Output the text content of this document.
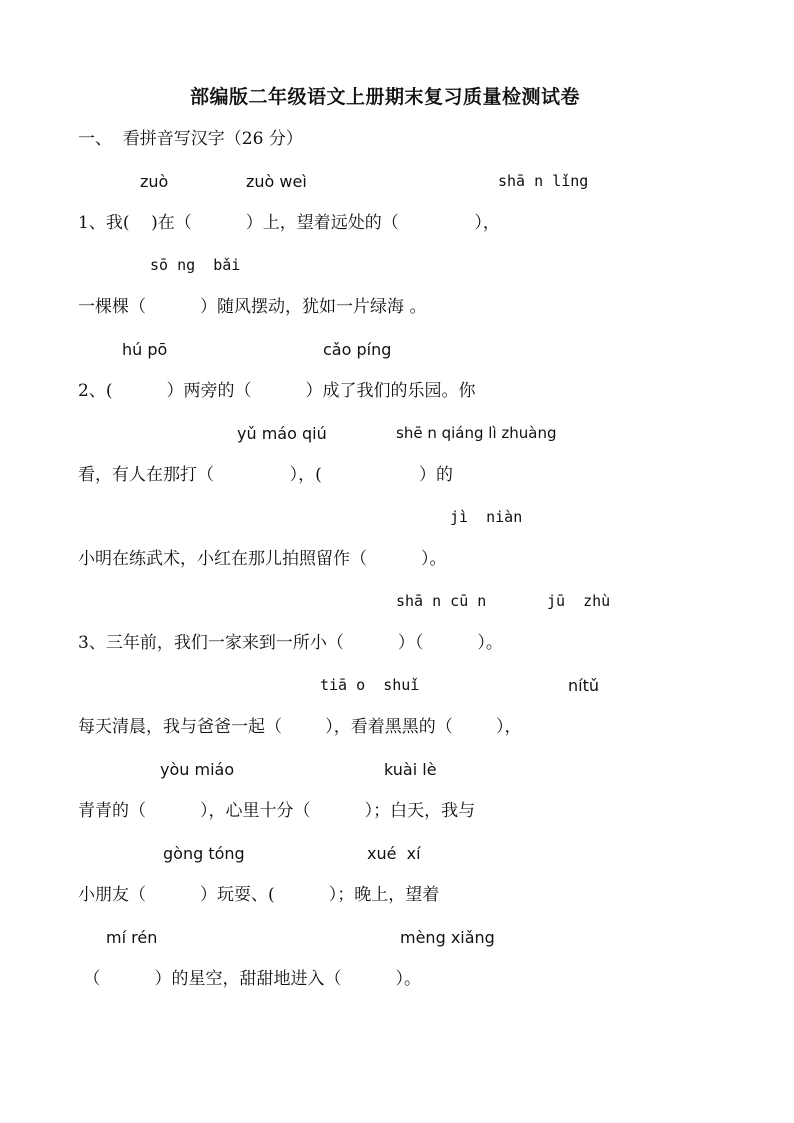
部编版二年级语文上册期末复习质量检测试卷
一、  看拼音写汉字（26 分）
zuò	zuò weì	shā n lǐng
1、我(    )在（          ）上，望着远处的（              ），
sō ng  bǎi
一棵棵（          ）随风摆动，犹如一片绿海 。
hú pō	cǎo píng
2、(          ）两旁的（          ）成了我们的乐园。你
yǔ máo qiú	shē n qiáng lì zhuàng
看，有人在那打（              ），(                  ）的
jì  niàn
小明在练武术，小红在那儿拍照留作（          ）。
shā n cū n	jū  zhù
3、三年前，我们一家来到一所小（          ）（          ）。
tiā o  shuǐ	nítǔ
每天清晨，我与爸爸一起（        ），看着黑黑的（        ），
yòu miáo	kuài lè
青青的（          ），心里十分（          ）；白天，我与
gòng tóng	xué  xí
小朋友（          ）玩耍、(          ）；晚上，望着
mí rén	mèng xiǎng
（          ）的星空，甜甜地进入（          ）。
